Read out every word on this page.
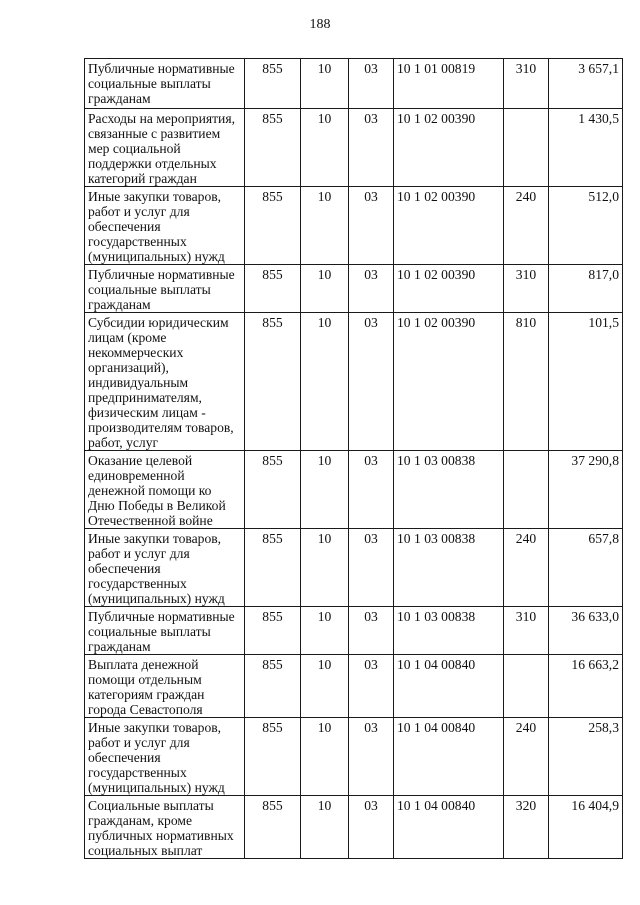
188
Публичные нормативные социальные выплаты гражданам	855	10	03	10 1 01 00819	310	3 657,1
Расходы на мероприятия, связанные с развитием мер социальной поддержки отдельных категорий граждан	855	10	03	10 1 02 00390		1 430,5
Иные закупки товаров, работ и услуг для обеспечения государственных (муниципальных) нужд	855	10	03	10 1 02 00390	240	512,0
Публичные нормативные социальные выплаты гражданам	855	10	03	10 1 02 00390	310	817,0
Субсидии юридическим лицам (кроме некоммерческих организаций), индивидуальным предпринимателям, физическим лицам - производителям товаров, работ, услуг	855	10	03	10 1 02 00390	810	101,5
Оказание целевой единовременной денежной помощи ко Дню Победы в Великой Отечественной войне	855	10	03	10 1 03 00838		37 290,8
Иные закупки товаров, работ и услуг для обеспечения государственных (муниципальных) нужд	855	10	03	10 1 03 00838	240	657,8
Публичные нормативные социальные выплаты гражданам	855	10	03	10 1 03 00838	310	36 633,0
Выплата денежной помощи отдельным категориям граждан города Севастополя	855	10	03	10 1 04 00840		16 663,2
Иные закупки товаров, работ и услуг для обеспечения государственных (муниципальных) нужд	855	10	03	10 1 04 00840	240	258,3
Социальные выплаты гражданам, кроме публичных нормативных социальных выплат	855	10	03	10 1 04 00840	320	16 404,9
